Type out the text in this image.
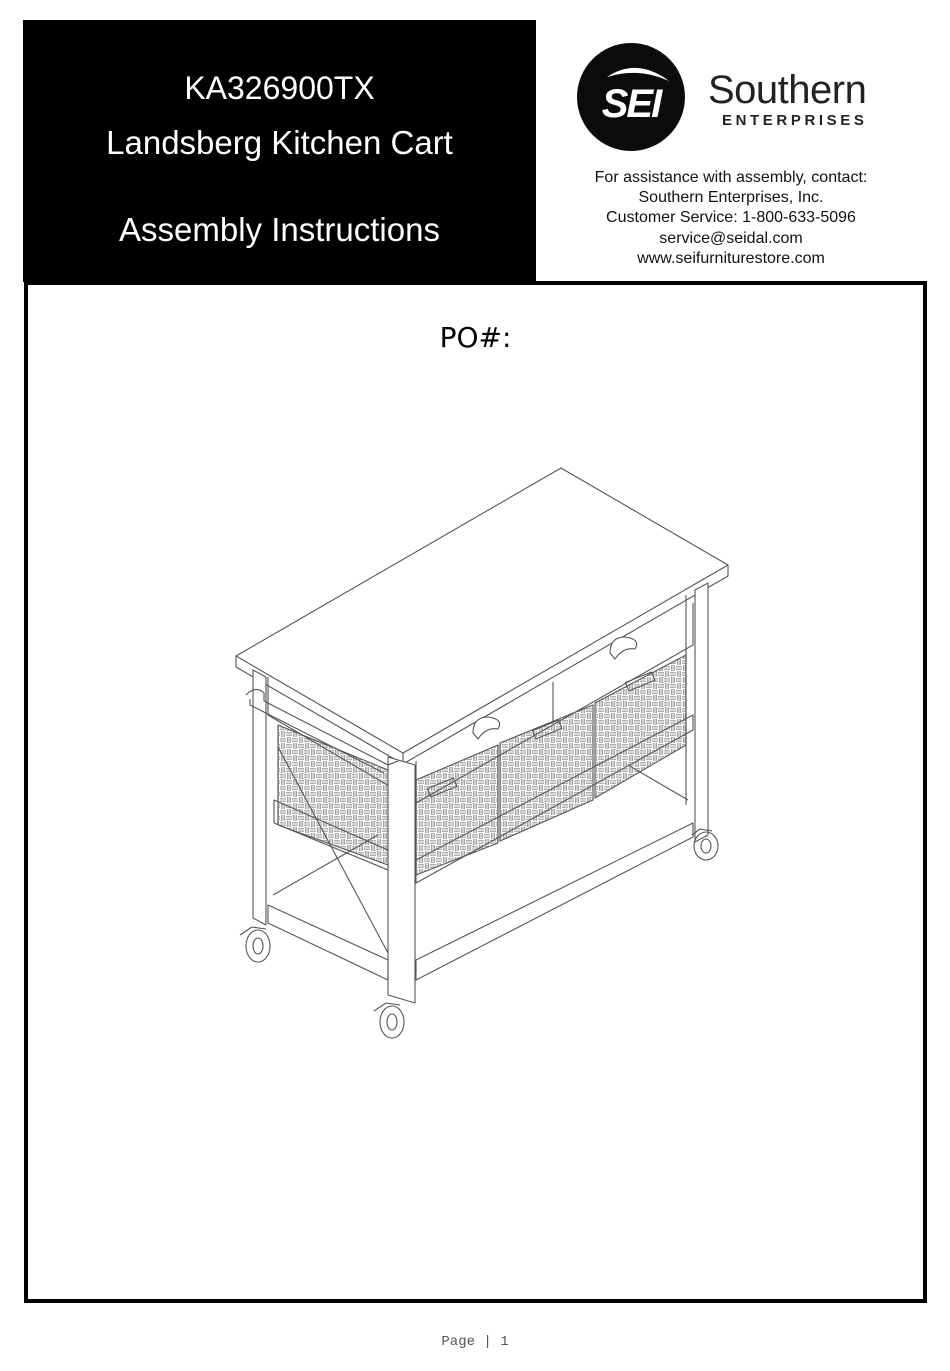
KA326900TX
Landsberg Kitchen Cart
Assembly Instructions
SEI Southern
ENTERPRISES
For assistance with assembly, contact:
Southern Enterprises, Inc.
Customer Service: 1-800-633-5096
service@seidal.com
www.seifurniturestore.com
PO#:
Page | 1
